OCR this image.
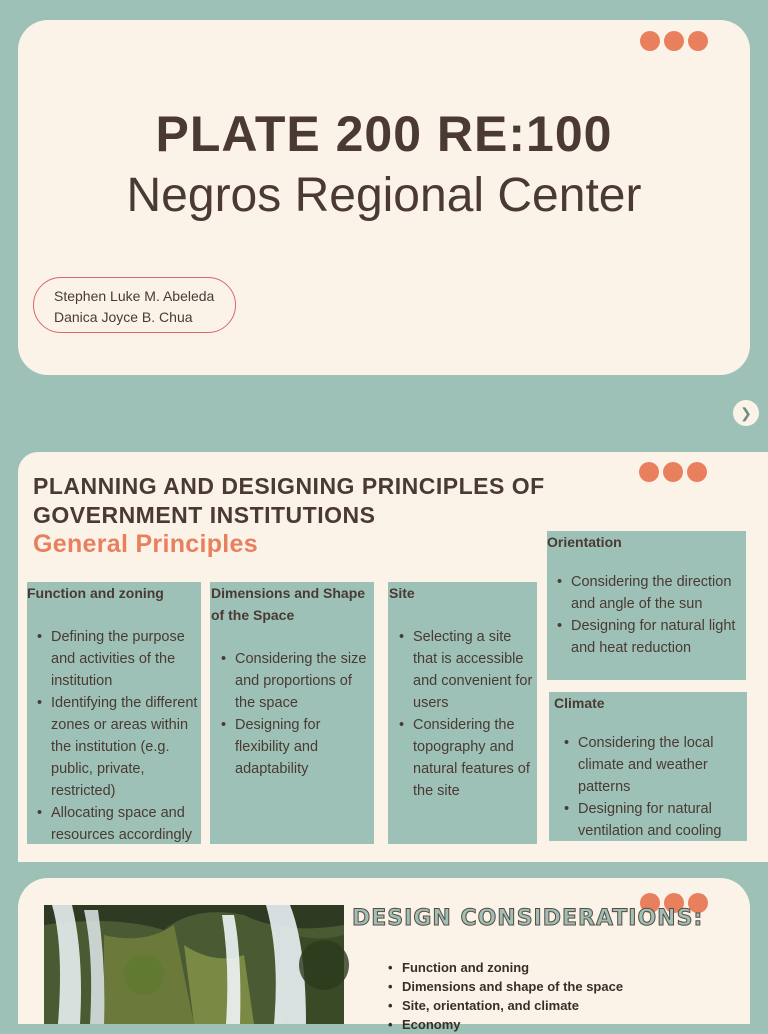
PLATE 200 RE:100
Negros Regional Center
Stephen Luke M. Abeleda
Danica Joyce B. Chua
❯
PLANNING AND DESIGNING PRINCIPLES OF GOVERNMENT INSTITUTIONS
General Principles
Function and zoning
• Defining the purpose and activities of the institution
• Identifying the different zones or areas within the institution (e.g. public, private, restricted)
• Allocating space and resources accordingly
Dimensions and Shape of the Space
• Considering the size and proportions of the space
• Designing for flexibility and adaptability
Site
• Selecting a site that is accessible and convenient for users
• Considering the topography and natural features of the site
Orientation
• Considering the direction and angle of the sun
• Designing for natural light and heat reduction
Climate
• Considering the local climate and weather patterns
• Designing for natural ventilation and cooling
DESIGN CONSIDERATIONS:
• Function and zoning
• Dimensions and shape of the space
• Site, orientation, and climate
• Economy
